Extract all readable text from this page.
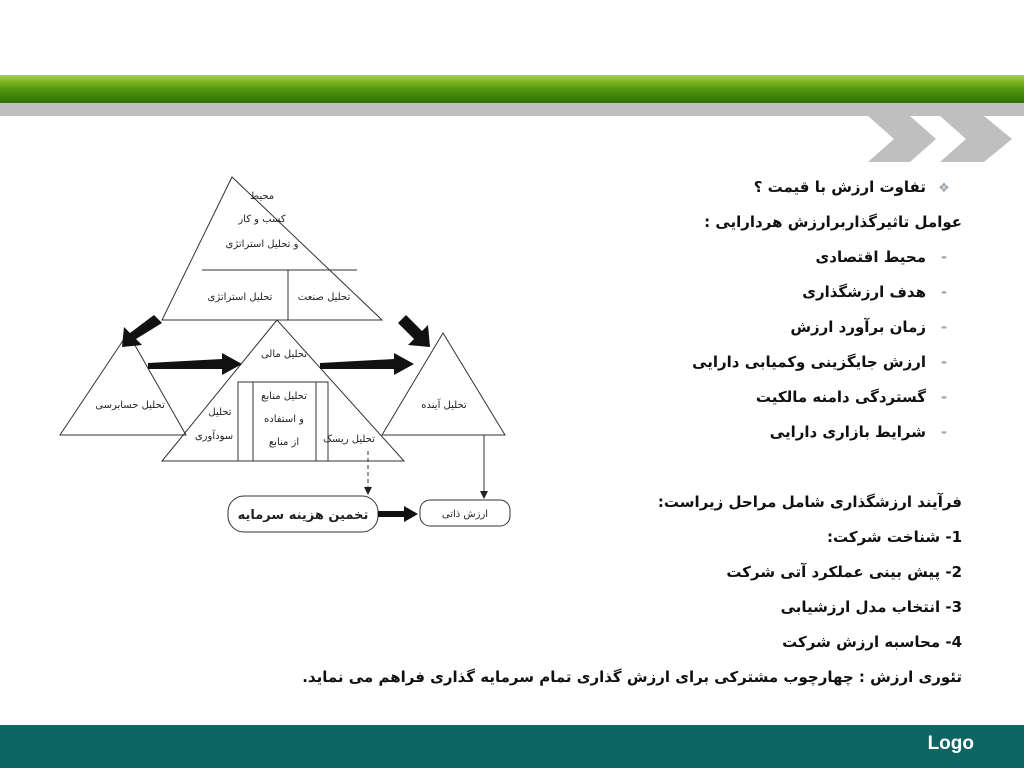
محیط
کسب و کار
و تحلیل استراتژی
تحلیل استراتژی	تحلیل صنعت
تحلیل حسابرسی
تحلیل مالی
تحلیل منابع
و استفاده
از منابع
تحلیل
سودآوری	تحلیل ریسک
تحلیل آینده
تخمین هزینه سرمایه	ارزش ذاتی
❖تفاوت ارزش با قیمت ؟
عوامل تاثیرگذاربرارزش هردارایی :
-محیط اقتصادی
-هدف ارزشگذاری
-زمان برآورد ارزش
-ارزش جایگزینی وکمیابی دارایی
-گستردگی دامنه مالکیت
-شرایط بازاری دارایی
فرآیند ارزشگذاری شامل مراحل زیراست:
1- شناخت شرکت:
2- پیش بینی عملکرد آتی شرکت
3- انتخاب مدل ارزشیابی
4- محاسبه ارزش شرکت
تئوری ارزش : چهارچوب مشترکی برای ارزش گذاری تمام سرمایه گذاری فراهم می نماید.
Logo
